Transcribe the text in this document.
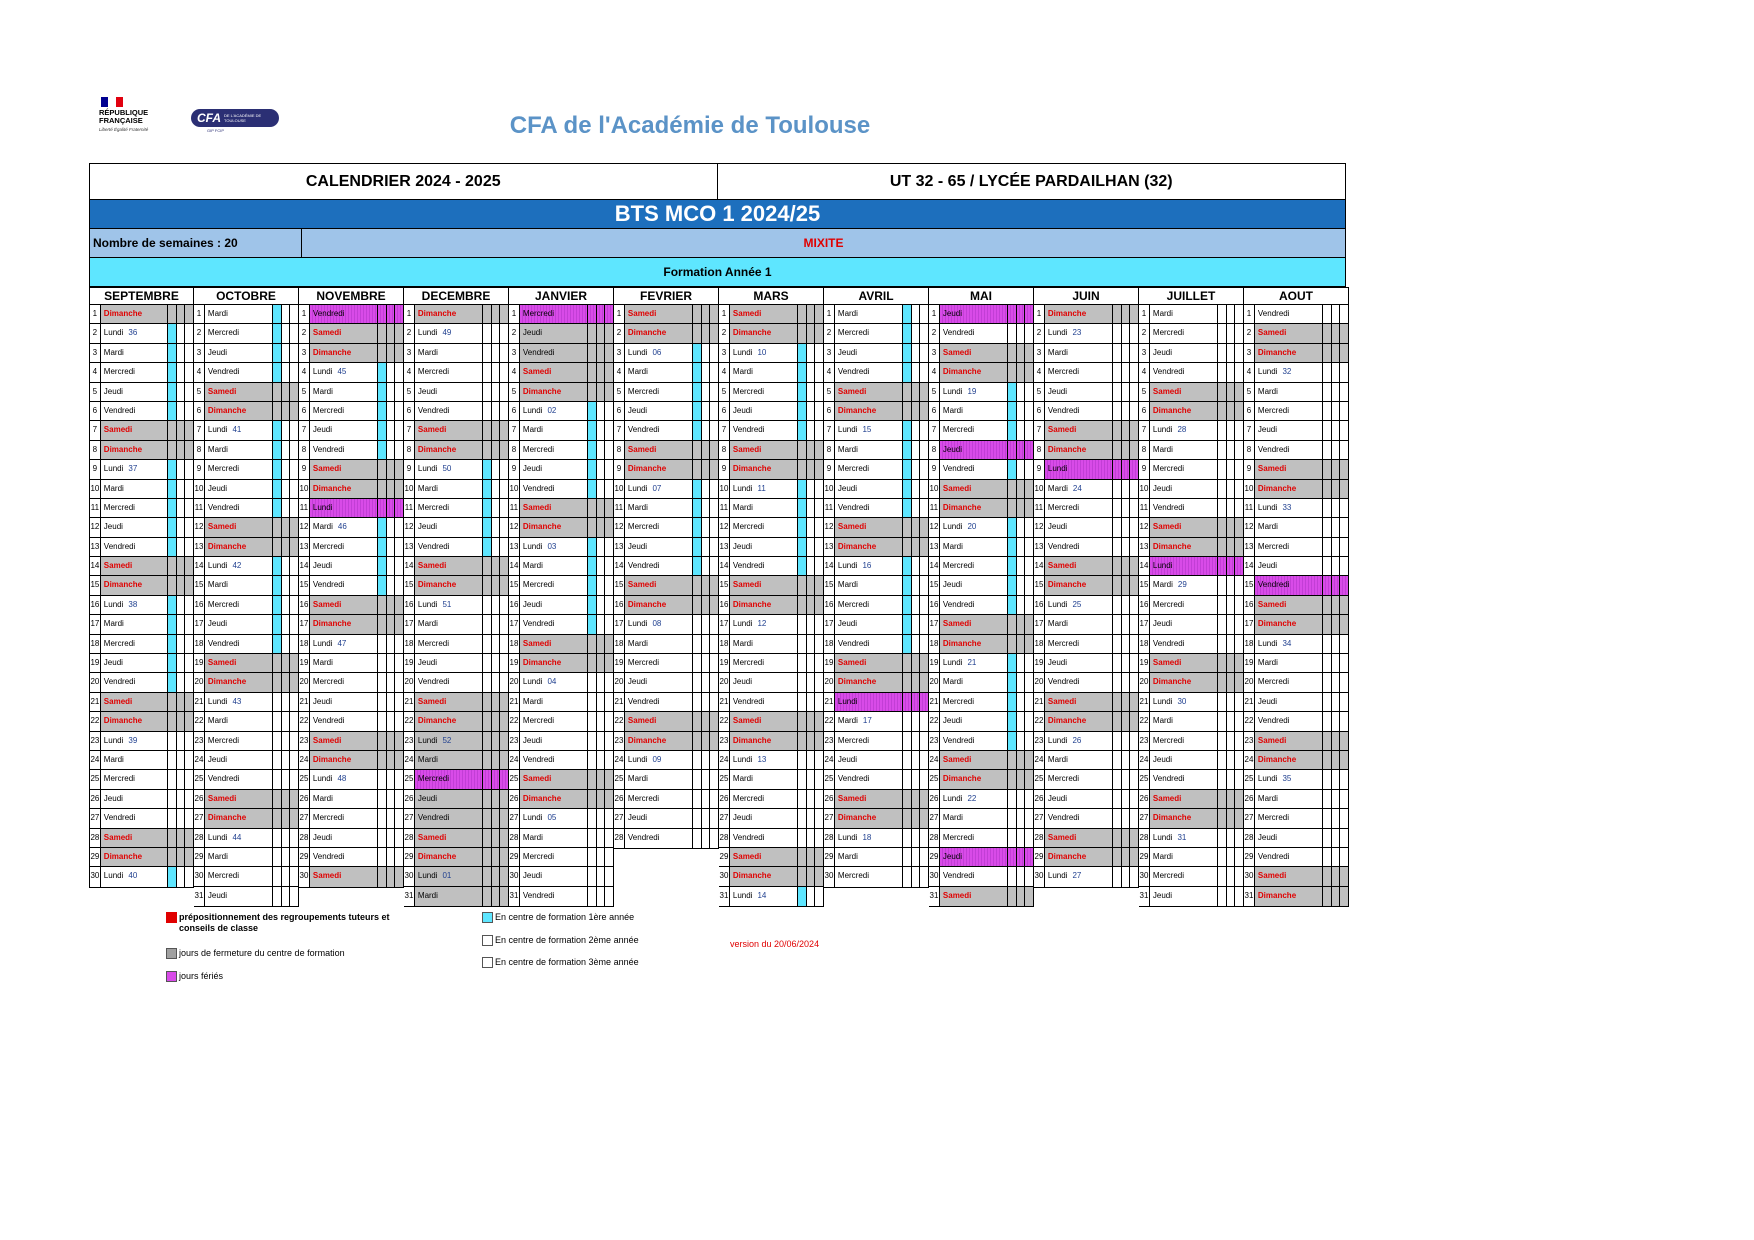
RÉPUBLIQUE
FRANÇAISE
Liberté Égalité Fraternité
CFA DE L'ACADÉMIE DE TOULOUSE
GIP FCIP	CFA de l'Académie de Toulouse
CALENDRIER 2024 - 2025	UT 32 - 65 / LYCÉE PARDAILHAN (32)
BTS MCO 1 2024/25
Nombre de semaines : 20	MIXITE
Formation Année 1
SEPTEMBRE
1 Dimanche
2 Lundi 36
3 Mardi
4 Mercredi
5 Jeudi
6 Vendredi
7 Samedi
8 Dimanche
9 Lundi 37
10 Mardi
11 Mercredi
12 Jeudi
13 Vendredi
14 Samedi
15 Dimanche
16 Lundi 38
17 Mardi
18 Mercredi
19 Jeudi
20 Vendredi
21 Samedi
22 Dimanche
23 Lundi 39
24 Mardi
25 Mercredi
26 Jeudi
27 Vendredi
28 Samedi
29 Dimanche
30 Lundi 40
OCTOBRE
1 Mardi
2 Mercredi
3 Jeudi
4 Vendredi
5 Samedi
6 Dimanche
7 Lundi 41
8 Mardi
9 Mercredi
10 Jeudi
11 Vendredi
12 Samedi
13 Dimanche
14 Lundi 42
15 Mardi
16 Mercredi
17 Jeudi
18 Vendredi
19 Samedi
20 Dimanche
21 Lundi 43
22 Mardi
23 Mercredi
24 Jeudi
25 Vendredi
26 Samedi
27 Dimanche
28 Lundi 44
29 Mardi
30 Mercredi
31 Jeudi
NOVEMBRE
1 Vendredi
2 Samedi
3 Dimanche
4 Lundi 45
5 Mardi
6 Mercredi
7 Jeudi
8 Vendredi
9 Samedi
10 Dimanche
11 Lundi
12 Mardi 46
13 Mercredi
14 Jeudi
15 Vendredi
16 Samedi
17 Dimanche
18 Lundi 47
19 Mardi
20 Mercredi
21 Jeudi
22 Vendredi
23 Samedi
24 Dimanche
25 Lundi 48
26 Mardi
27 Mercredi
28 Jeudi
29 Vendredi
30 Samedi
DECEMBRE
1 Dimanche
2 Lundi 49
3 Mardi
4 Mercredi
5 Jeudi
6 Vendredi
7 Samedi
8 Dimanche
9 Lundi 50
10 Mardi
11 Mercredi
12 Jeudi
13 Vendredi
14 Samedi
15 Dimanche
16 Lundi 51
17 Mardi
18 Mercredi
19 Jeudi
20 Vendredi
21 Samedi
22 Dimanche
23 Lundi 52
24 Mardi
25 Mercredi
26 Jeudi
27 Vendredi
28 Samedi
29 Dimanche
30 Lundi 01
31 Mardi
JANVIER
1 Mercredi
2 Jeudi
3 Vendredi
4 Samedi
5 Dimanche
6 Lundi 02
7 Mardi
8 Mercredi
9 Jeudi
10 Vendredi
11 Samedi
12 Dimanche
13 Lundi 03
14 Mardi
15 Mercredi
16 Jeudi
17 Vendredi
18 Samedi
19 Dimanche
20 Lundi 04
21 Mardi
22 Mercredi
23 Jeudi
24 Vendredi
25 Samedi
26 Dimanche
27 Lundi 05
28 Mardi
29 Mercredi
30 Jeudi
31 Vendredi
FEVRIER
1 Samedi
2 Dimanche
3 Lundi 06
4 Mardi
5 Mercredi
6 Jeudi
7 Vendredi
8 Samedi
9 Dimanche
10 Lundi 07
11 Mardi
12 Mercredi
13 Jeudi
14 Vendredi
15 Samedi
16 Dimanche
17 Lundi 08
18 Mardi
19 Mercredi
20 Jeudi
21 Vendredi
22 Samedi
23 Dimanche
24 Lundi 09
25 Mardi
26 Mercredi
27 Jeudi
28 Vendredi
MARS
1 Samedi
2 Dimanche
3 Lundi 10
4 Mardi
5 Mercredi
6 Jeudi
7 Vendredi
8 Samedi
9 Dimanche
10 Lundi 11
11 Mardi
12 Mercredi
13 Jeudi
14 Vendredi
15 Samedi
16 Dimanche
17 Lundi 12
18 Mardi
19 Mercredi
20 Jeudi
21 Vendredi
22 Samedi
23 Dimanche
24 Lundi 13
25 Mardi
26 Mercredi
27 Jeudi
28 Vendredi
29 Samedi
30 Dimanche
31 Lundi 14
AVRIL
1 Mardi
2 Mercredi
3 Jeudi
4 Vendredi
5 Samedi
6 Dimanche
7 Lundi 15
8 Mardi
9 Mercredi
10 Jeudi
11 Vendredi
12 Samedi
13 Dimanche
14 Lundi 16
15 Mardi
16 Mercredi
17 Jeudi
18 Vendredi
19 Samedi
20 Dimanche
21 Lundi
22 Mardi 17
23 Mercredi
24 Jeudi
25 Vendredi
26 Samedi
27 Dimanche
28 Lundi 18
29 Mardi
30 Mercredi
MAI
1 Jeudi
2 Vendredi
3 Samedi
4 Dimanche
5 Lundi 19
6 Mardi
7 Mercredi
8 Jeudi
9 Vendredi
10 Samedi
11 Dimanche
12 Lundi 20
13 Mardi
14 Mercredi
15 Jeudi
16 Vendredi
17 Samedi
18 Dimanche
19 Lundi 21
20 Mardi
21 Mercredi
22 Jeudi
23 Vendredi
24 Samedi
25 Dimanche
26 Lundi 22
27 Mardi
28 Mercredi
29 Jeudi
30 Vendredi
31 Samedi
JUIN
1 Dimanche
2 Lundi 23
3 Mardi
4 Mercredi
5 Jeudi
6 Vendredi
7 Samedi
8 Dimanche
9 Lundi
10 Mardi 24
11 Mercredi
12 Jeudi
13 Vendredi
14 Samedi
15 Dimanche
16 Lundi 25
17 Mardi
18 Mercredi
19 Jeudi
20 Vendredi
21 Samedi
22 Dimanche
23 Lundi 26
24 Mardi
25 Mercredi
26 Jeudi
27 Vendredi
28 Samedi
29 Dimanche
30 Lundi 27
JUILLET
1 Mardi
2 Mercredi
3 Jeudi
4 Vendredi
5 Samedi
6 Dimanche
7 Lundi 28
8 Mardi
9 Mercredi
10 Jeudi
11 Vendredi
12 Samedi
13 Dimanche
14 Lundi
15 Mardi 29
16 Mercredi
17 Jeudi
18 Vendredi
19 Samedi
20 Dimanche
21 Lundi 30
22 Mardi
23 Mercredi
24 Jeudi
25 Vendredi
26 Samedi
27 Dimanche
28 Lundi 31
29 Mardi
30 Mercredi
31 Jeudi
AOUT
1 Vendredi
2 Samedi
3 Dimanche
4 Lundi 32
5 Mardi
6 Mercredi
7 Jeudi
8 Vendredi
9 Samedi
10 Dimanche
11 Lundi 33
12 Mardi
13 Mercredi
14 Jeudi
15 Vendredi
16 Samedi
17 Dimanche
18 Lundi 34
19 Mardi
20 Mercredi
21 Jeudi
22 Vendredi
23 Samedi
24 Dimanche
25 Lundi 35
26 Mardi
27 Mercredi
28 Jeudi
29 Vendredi
30 Samedi
31 Dimanche
prépositionnement des regroupements tuteurs et conseils de classe
jours de fermeture du centre de formation
jours fériés
En centre de formation 1ère année
En centre de formation 2ème année
En centre de formation 3ème année
version du 20/06/2024
